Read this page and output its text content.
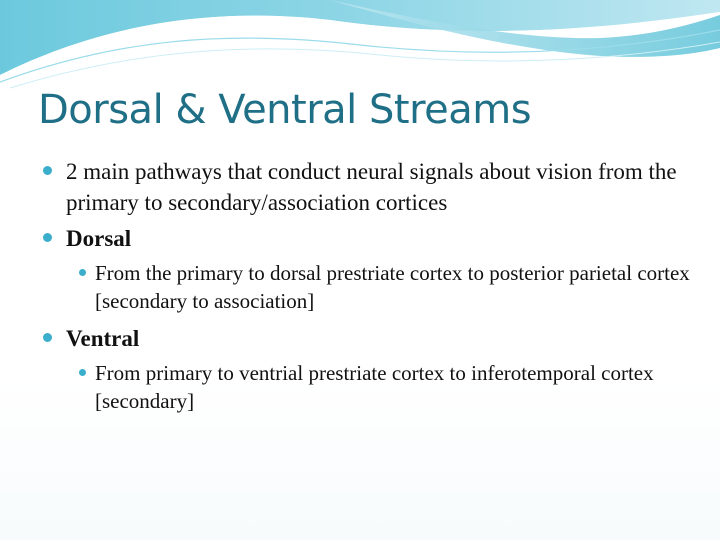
Dorsal & Ventral Streams
2 main pathways that conduct neural signals about vision from the primary to secondary/association cortices
Dorsal
From the primary to dorsal prestriate cortex to posterior parietal cortex [secondary to association]
Ventral
From primary to ventrial prestriate cortex to inferotemporal cortex [secondary]
